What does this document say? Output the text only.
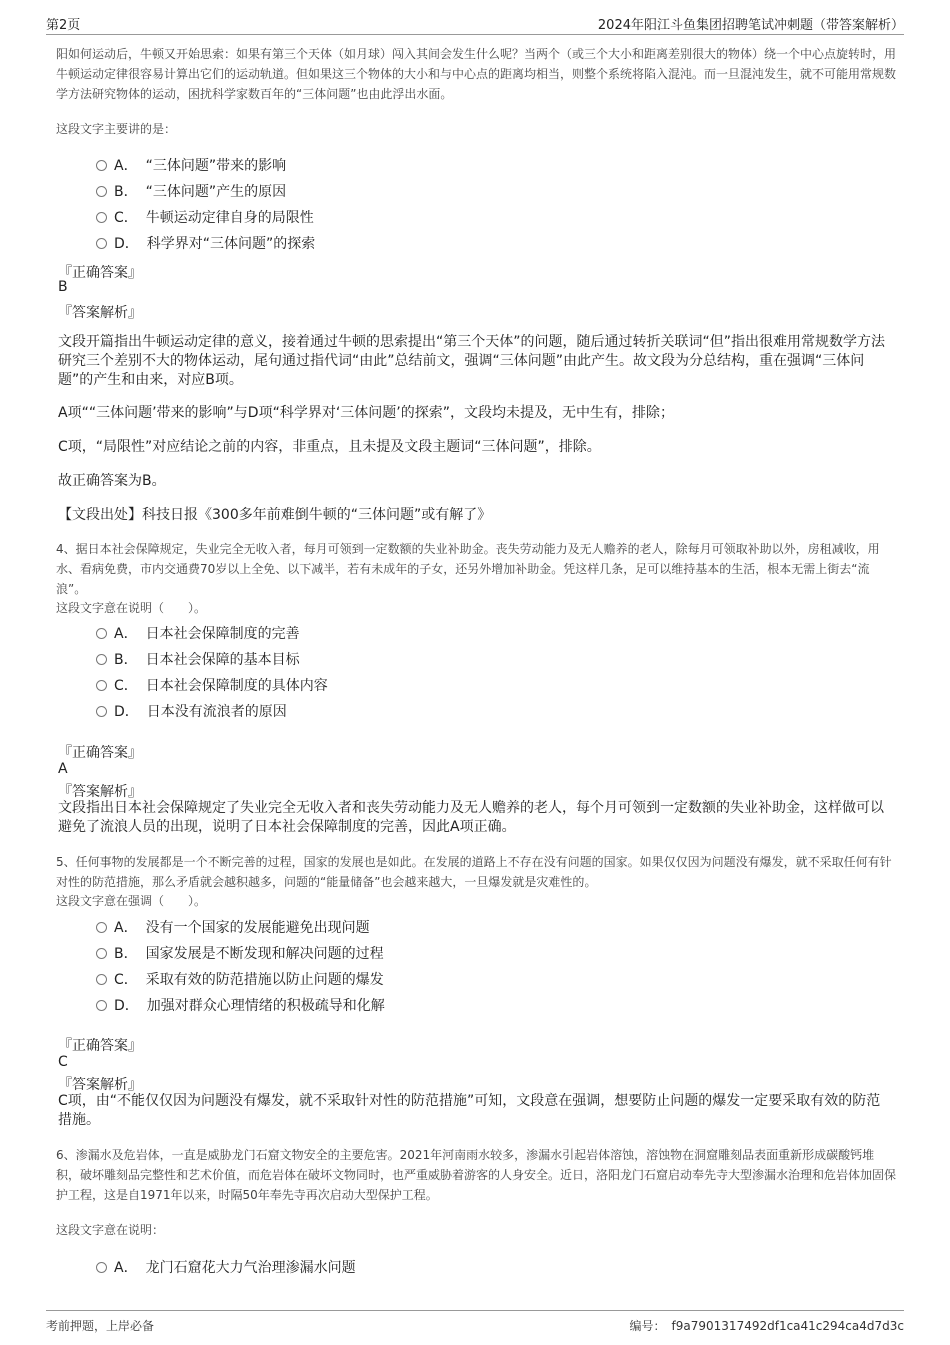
第2页	2024年阳江斗鱼集团招聘笔试冲刺题（带答案解析）

阳如何运动后，牛顿又开始思索：如果有第三个天体（如月球）闯入其间会发生什么呢？当两个（或三个大小和距离差别很大的物体）绕一个中心点旋转时，用牛顿运动定律很容易计算出它们的运动轨道。但如果这三个物体的大小和与中心点的距离均相当，则整个系统将陷入混沌。而一旦混沌发生，就不可能用常规数学方法研究物体的运动，困扰科学家数百年的“三体问题”也由此浮出水面。

这段文字主要讲的是：

A． “三体问题”带来的影响
B． “三体问题”产生的原因
C． 牛顿运动定律自身的局限性
D． 科学界对“三体问题”的探索
『正确答案』
B
『答案解析』

文段开篇指出牛顿运动定律的意义，接着通过牛顿的思索提出“第三个天体”的问题，随后通过转折关联词“但”指出很难用常规数学方法研究三个差别不大的物体运动，尾句通过指代词“由此”总结前文，强调“三体问题”由此产生。故文段为分总结构，重在强调“三体问题”的产生和由来，对应B项。

A项““三体问题’带来的影响”与D项“科学界对‘三体问题’的探索”，文段均未提及，无中生有，排除；

C项，“局限性”对应结论之前的内容，非重点，且未提及文段主题词“三体问题”，排除。

故正确答案为B。

【文段出处】科技日报《300多年前难倒牛顿的“三体问题”或有解了》

4、据日本社会保障规定，失业完全无收入者，每月可领到一定数额的失业补助金。丧失劳动能力及无人赡养的老人，除每月可领取补助以外，房租减收，用水、看病免费，市内交通费70岁以上全免、以下减半，若有未成年的子女，还另外增加补助金。凭这样几条，足可以维持基本的生活，根本无需上街去“流浪”。

这段文字意在说明（　　）。

A． 日本社会保障制度的完善
B． 日本社会保障的基本目标
C． 日本社会保障制度的具体内容
D． 日本没有流浪者的原因
『正确答案』
A
『答案解析』

文段指出日本社会保障规定了失业完全无收入者和丧失劳动能力及无人赡养的老人，每个月可领到一定数额的失业补助金，这样做可以避免了流浪人员的出现，说明了日本社会保障制度的完善，因此A项正确。

5、任何事物的发展都是一个不断完善的过程，国家的发展也是如此。在发展的道路上不存在没有问题的国家。如果仅仅因为问题没有爆发，就不采取任何有针对性的防范措施，那么矛盾就会越积越多，问题的“能量储备”也会越来越大，一旦爆发就是灾难性的。

这段文字意在强调（　　）。

A． 没有一个国家的发展能避免出现问题
B． 国家发展是不断发现和解决问题的过程
C． 采取有效的防范措施以防止问题的爆发
D． 加强对群众心理情绪的积极疏导和化解
『正确答案』
C
『答案解析』

C项，由“不能仅仅因为问题没有爆发，就不采取针对性的防范措施”可知，文段意在强调，想要防止问题的爆发一定要采取有效的防范措施。

6、渗漏水及危岩体，一直是威胁龙门石窟文物安全的主要危害。2021年河南雨水较多，渗漏水引起岩体溶蚀，溶蚀物在洞窟雕刻品表面重新形成碳酸钙堆积，破坏雕刻品完整性和艺术价值，而危岩体在破坏文物同时，也严重威胁着游客的人身安全。近日，洛阳龙门石窟启动奉先寺大型渗漏水治理和危岩体加固保护工程，这是自1971年以来，时隔50年奉先寺再次启动大型保护工程。

这段文字意在说明：

A． 龙门石窟花大力气治理渗漏水问题
考前押题，上岸必备	编号： f9a7901317492df1ca41c294ca4d7d3c
